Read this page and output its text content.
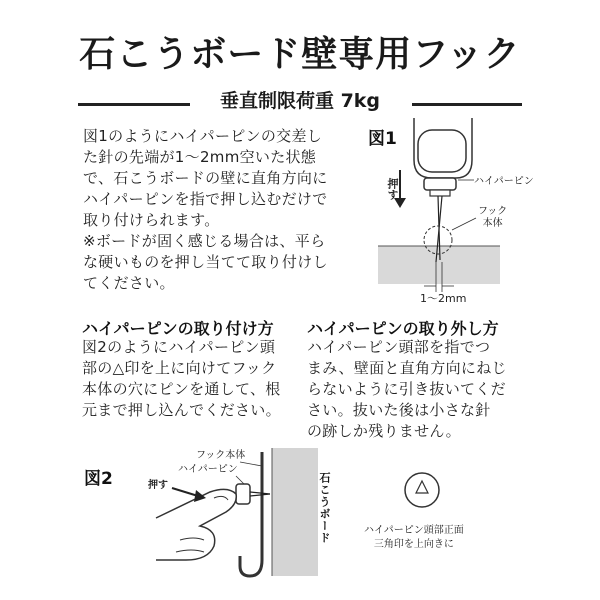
石こうボード壁専用フック
垂直制限荷重 7kg
図1のようにハイパーピンの交差し
た針の先端が1〜2mm空いた状態
で、石こうボードの壁に直角方向に
ハイパーピンを指で押し込むだけで
取り付けられます。
※ボードが固く感じる場合は、平ら
な硬いものを押し当てて取り付けし
てください。
図1
押す	ハイパーピン
フック
本体
1〜2mm
ハイパーピンの取り付け方
図2のようにハイパーピン頭
部の△印を上に向けてフック
本体の穴にピンを通して、根
元まで押し込んでください。
ハイパーピンの取り外し方
ハイパーピン頭部を指でつ
まみ、壁面と直角方向にねじ
らないように引き抜いてくだ
さい。抜いた後は小さな針
の跡しか残りません。
図2
フック本体
ハイパーピン
押す	石こうボード	ハイパーピン頭部正面
三角印を上向きに
